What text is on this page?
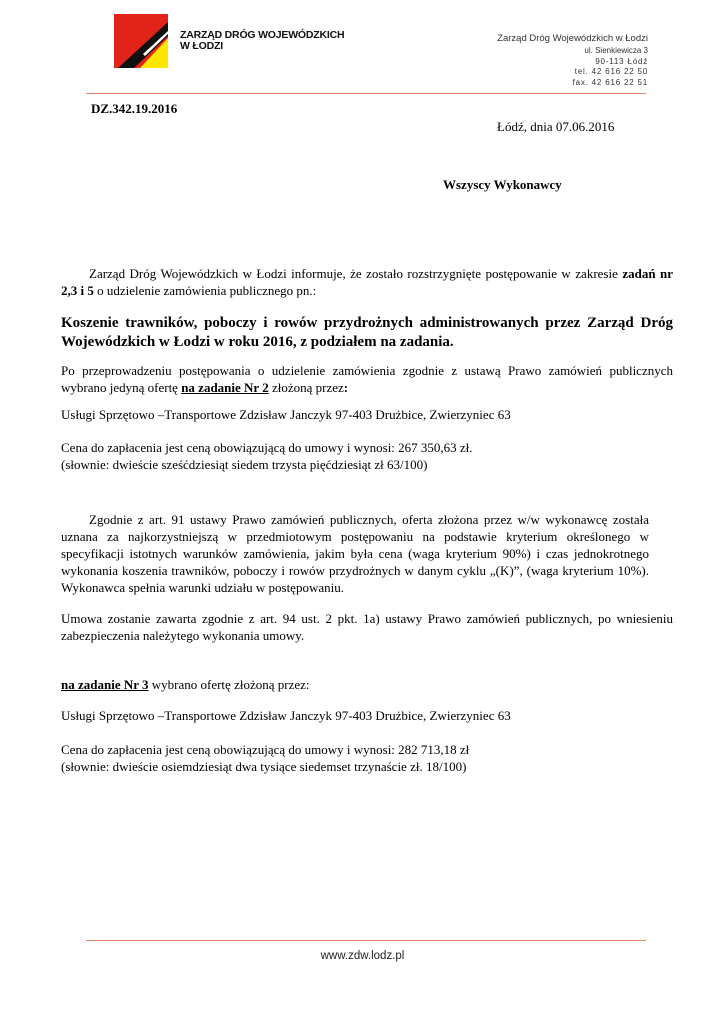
ZARZĄD DRÓG WOJEWÓDZKICH
W ŁODZI
Zarząd Dróg Wojewódzkich w Łodzi
ul. Sienkiewicza 3
90-113 Łódź
tel. 42 616 22 50
fax. 42 616 22 51
DZ.342.19.2016
Łódź, dnia 07.06.2016
Wszyscy Wykonawcy
Zarząd Dróg Wojewódzkich w Łodzi informuje, że zostało rozstrzygnięte postępowanie w zakresie zadań nr 2,3 i 5 o udzielenie zamówienia publicznego pn.:
Koszenie trawników, poboczy i rowów przydrożnych administrowanych przez Zarząd Dróg Wojewódzkich w Łodzi w roku 2016, z podziałem na zadania.
Po przeprowadzeniu postępowania o udzielenie zamówienia zgodnie z ustawą Prawo zamówień publicznych wybrano jedyną ofertę na zadanie Nr 2 złożoną przez:
Usługi Sprzętowo –Transportowe Zdzisław Janczyk 97-403 Drużbice, Zwierzyniec 63
Cena do zapłacenia jest ceną obowiązującą do umowy i wynosi: 267 350,63 zł.
(słownie: dwieście sześćdziesiąt siedem trzysta pięćdziesiąt zł 63/100)
Zgodnie z art. 91 ustawy Prawo zamówień publicznych, oferta złożona przez w/w wykonawcę została uznana za najkorzystniejszą w przedmiotowym postępowaniu na podstawie kryterium określonego w specyfikacji istotnych warunków zamówienia, jakim była cena (waga kryterium 90%) i czas jednokrotnego wykonania koszenia trawników, poboczy i rowów przydrożnych w danym cyklu „(K)”, (waga kryterium 10%). Wykonawca spełnia warunki udziału w postępowaniu.
Umowa zostanie zawarta zgodnie z art. 94 ust. 2 pkt. 1a) ustawy Prawo zamówień publicznych, po wniesieniu zabezpieczenia należytego wykonania umowy.
na zadanie Nr 3 wybrano ofertę złożoną przez:
Usługi Sprzętowo –Transportowe Zdzisław Janczyk 97-403 Drużbice, Zwierzyniec 63
Cena do zapłacenia jest ceną obowiązującą do umowy i wynosi: 282 713,18 zł
(słownie: dwieście osiemdziesiąt dwa tysiące siedemset trzynaście zł. 18/100)
www.zdw.lodz.pl
